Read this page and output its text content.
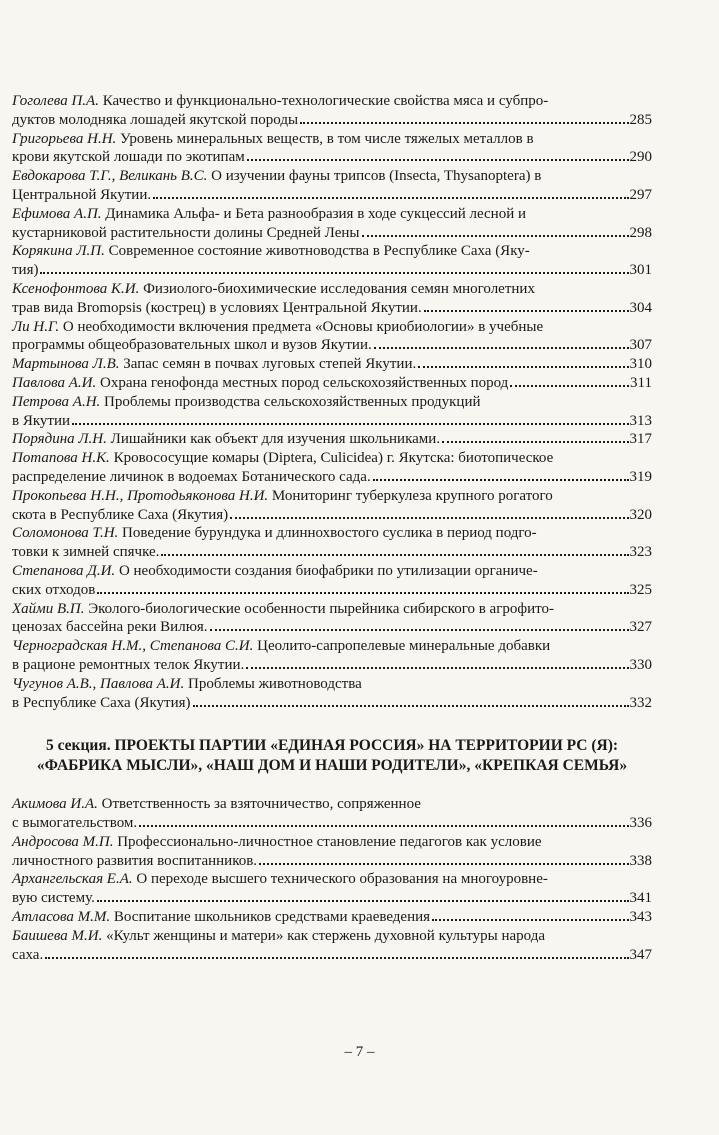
Гоголева П.А. Качество и функционально-технологические свойства мяса и субпро-
дуктов молодняка лошадей якутской породы	285
Григорьева Н.Н. Уровень минеральных веществ, в том числе тяжелых металлов в
крови якутской лошади по экотипам	290
Евдокарова Т.Г., Великань В.С. О изучении фауны трипсов (Insecta, Thysanoptera) в
Центральной Якутии.	297
Ефимова А.П. Динамика Альфа- и Бета разнообразия в ходе сукцессий лесной и
кустарниковой растительности долины Средней Лены	298
Корякина Л.П. Современное состояние животноводства в Республике Саха (Яку-
тия)	301
Ксенофонтова К.И. Физиолого-биохимические исследования семян многолетних
трав вида Bromopsis (кострец) в условиях Центральной Якутии.	304
Ли Н.Г. О необходимости включения предмета «Основы криобиологии» в учебные
программы общеобразовательных школ и вузов Якутии.	307
Мартынова Л.В. Запас семян в почвах луговых степей Якутии.	310
Павлова А.И. Охрана генофонда местных пород сельскохозяйственных пород	311
Петрова А.Н. Проблемы производства сельскохозяйственных продукций
в Якутии	313
Порядина Л.Н. Лишайники как объект для изучения школьниками.	317
Потапова Н.К. Кровососущие комары (Diptera, Culicidea) г. Якутска: биотопическое
распределение личинок в водоемах Ботанического сада.	319
Прокопьева Н.Н., Протодьяконова Н.И. Мониторинг туберкулеза крупного рогатого
скота в Республике Саха (Якутия)	320
Соломонова Т.Н. Поведение бурундука и длиннохвостого суслика в период подго-
товки к зимней спячке.	323
Степанова Д.И. О необходимости создания биофабрики по утилизации органиче-
ских отходов	325
Хайми В.П. Эколого-биологические особенности пырейника сибирского в агрофито-
ценозах бассейна реки Вилюя.	327
Черноградская Н.М., Степанова С.И. Цеолито-сапропелевые минеральные добавки
в рационе ремонтных телок Якутии.	330
Чугунов А.В., Павлова А.И. Проблемы животноводства
в Республике Саха (Якутия)	332
5 секция. ПРОЕКТЫ ПАРТИИ «ЕДИНАЯ РОССИЯ» НА ТЕРРИТОРИИ РС (Я): «ФАБРИКА МЫСЛИ», «НАШ ДОМ И НАШИ РОДИТЕЛИ», «КРЕПКАЯ СЕМЬЯ»
Акимова И.А. Ответственность за взяточничество, сопряженное
с вымогательством.	336
Андросова М.П. Профессионально-личностное становление педагогов как условие
личностного развития воспитанников.	338
Архангельская Е.А. О переходе высшего технического образования на многоуровне-
вую систему.	341
Атласова М.М. Воспитание школьников средствами краеведения	343
Баишева М.И. «Культ женщины и матери» как стержень духовной культуры народа
саха.	347
– 7 –
